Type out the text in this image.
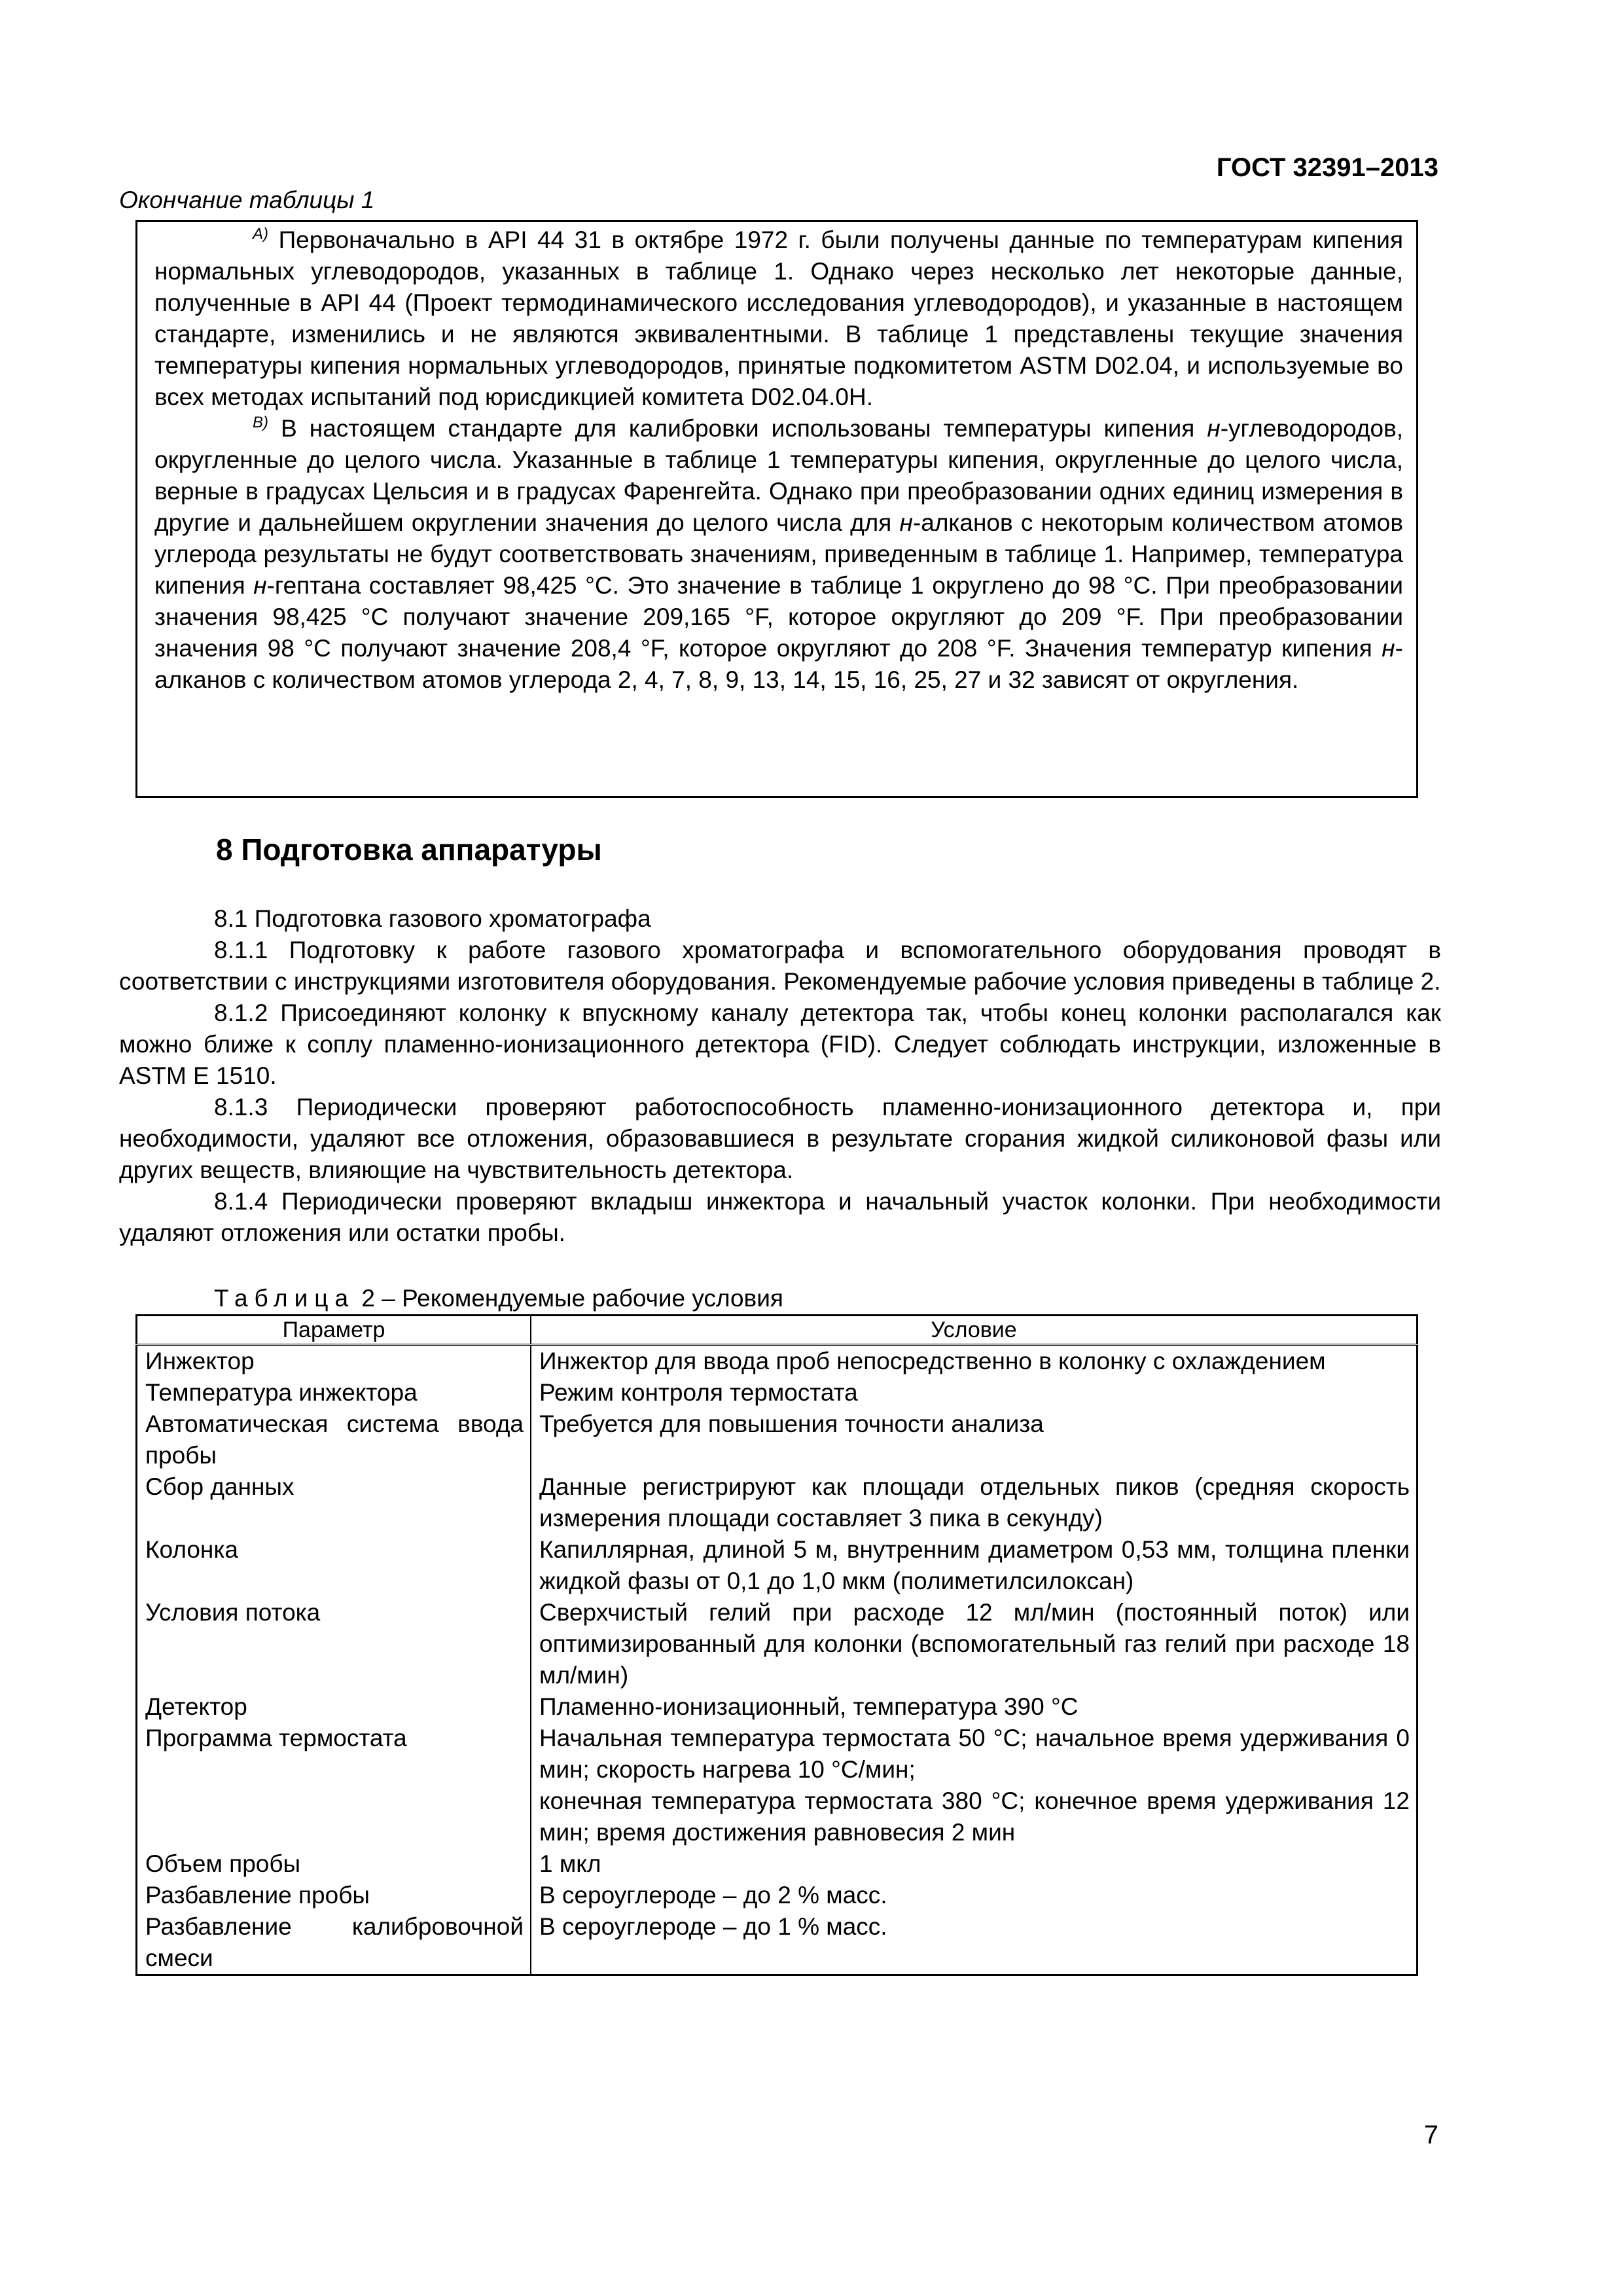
ГОСТ 32391–2013
Окончание таблицы 1

$^{A)}$ Первоначально в API 44 31 в октябре 1972 г. были получены данные по температурам кипения нормальных углеводородов, указанных в таблице 1. Однако через несколько лет некоторые данные, полученные в API 44 (Проект термодинамического исследования углеводородов), и указанные в настоящем стандарте, изменились и не являются эквивалентными. В таблице 1 представлены текущие значения температуры кипения нормальных углеводородов, принятые подкомитетом ASTM D02.04, и используемые во всех методах испытаний под юрисдикцией комитета D02.04.0H.

$^{B)}$ В настоящем стандарте для калибровки использованы температуры кипения н-углеводородов, округленные до целого числа. Указанные в таблице 1 температуры кипения, округленные до целого числа, верные в градусах Цельсия и в градусах Фаренгейта. Однако при преобразовании одних единиц измерения в другие и дальнейшем округлении значения до целого числа для н-алканов с некоторым количеством атомов углерода результаты не будут соответствовать значениям, приведенным в таблице 1. Например, температура кипения н-гептана составляет 98,425 °С. Это значение в таблице 1 округлено до 98 °С. При преобразовании значения 98,425 °С получают значение 209,165 °F, которое округляют до 209 °F. При преобразовании значения 98 °С получают значение 208,4 °F, которое округляют до 208 °F. Значения температур кипения н-алканов с количеством атомов углерода 2, 4, 7, 8, 9, 13, 14, 15, 16, 25, 27 и 32 зависят от округления.

8 Подготовка аппаратуры

8.1 Подготовка газового хроматографа

8.1.1 Подготовку к работе газового хроматографа и вспомогательного оборудования проводят в соответствии с инструкциями изготовителя оборудования. Рекомендуемые рабочие условия приведены в таблице 2.

8.1.2 Присоединяют колонку к впускному каналу детектора так, чтобы конец колонки располагался как можно ближе к соплу пламенно-ионизационного детектора (FID). Следует соблюдать инструкции, изложенные в ASTM E 1510.

8.1.3 Периодически проверяют работоспособность пламенно-ионизационного детектора и, при необходимости, удаляют все отложения, образовавшиеся в результате сгорания жидкой силиконовой фазы или других веществ, влияющие на чувствительность детектора.

8.1.4 Периодически проверяют вкладыш инжектора и начальный участок колонки. При необходимости удаляют отложения или остатки пробы.

Таблица 2 – Рекомендуемые рабочие условия
Параметр	Условие
Инжектор	Инжектор для ввода проб непосредственно в колонку с охлаждением
Температура инжектора	Режим контроля термостата
Автоматическая система ввода пробы	Требуется для повышения точности анализа
Сбор данных	Данные регистрируют как площади отдельных пиков (средняя скорость измерения площади составляет 3 пика в секунду)
Колонка	Капиллярная, длиной 5 м, внутренним диаметром 0,53 мм, толщина пленки жидкой фазы от 0,1 до 1,0 мкм (полиметилсилоксан)
Условия потока	Сверхчистый гелий при расходе 12 мл/мин (постоянный поток) или оптимизированный для колонки (вспомогательный газ гелий при расходе 18 мл/мин)
Детектор	Пламенно-ионизационный, температура 390 °С
Программа термостата	Начальная температура термостата 50 °С; начальное время удерживания 0 мин; скорость нагрева 10 °С/мин;
конечная температура термостата 380 °С; конечное время удерживания 12 мин; время достижения равновесия 2 мин

Объем пробы	1 мкл
Разбавление пробы	В сероуглероде – до 2 % масс.
Разбавление калибровочной смеси	В сероуглероде – до 1 % масс.
7
